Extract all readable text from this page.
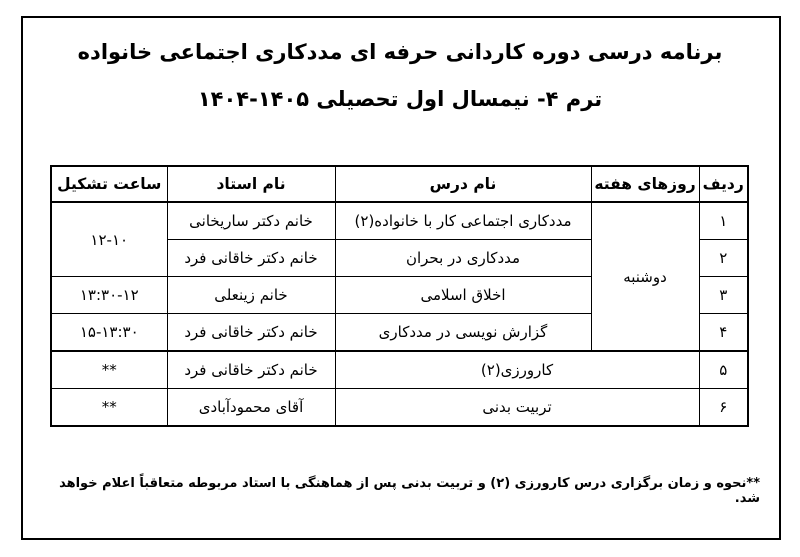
برنامه درسی دوره کاردانی حرفه ای مددکاری اجتماعی خانواده
ترم ۴- نیمسال اول تحصیلی ۱۴۰۵-۱۴۰۴
ردیف	روزهای هفته	نام درس	نام استاد	ساعت تشکیل
۱	دوشنبه	مددکاری اجتماعی کار با خانواده(۲)	خانم دکتر ساریخانی	۱۲-۱۰
۲		مددکاری در بحران	خانم دکتر خاقانی فرد	
۳		اخلاق اسلامی	خانم زینعلی	۱۳:۳۰-۱۲
۴		گزارش نویسی در مددکاری	خانم دکتر خاقانی فرد	۱۵-۱۳:۳۰
۵	کارورزی(۲)		خانم دکتر خاقانی فرد	**
۶	تربیت بدنی		آقای محمودآبادی	**
**نحوه و زمان برگزاری درس کارورزی (۲) و تربیت بدنی پس از هماهنگی با استاد مربوطه متعاقباً اعلام خواهد شد.
